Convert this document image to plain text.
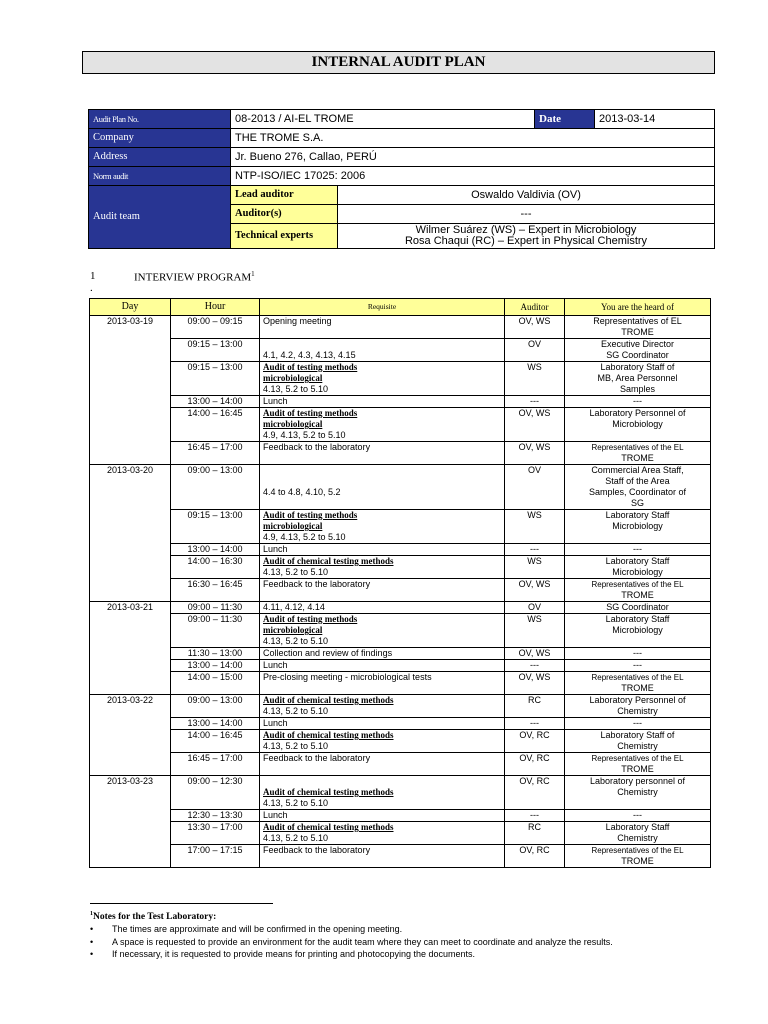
INTERNAL AUDIT PLAN
Audit Plan No.	08-2013 / AI-EL TROME		Date	2013-03-14
Company	THE TROME S.A.			
Address	Jr. Bueno 276, Callao, PERÚ			
Norm audit	NTP-ISO/IEC 17025: 2006			
Audit team	Lead auditor	Oswaldo Valdivia (OV)		
	Auditor(s)	---		
	Technical experts	Wilmer Suárez (WS) – Expert in Microbiology
Rosa Chaqui (RC) – Expert in Physical Chemistry		
1 .
INTERVIEW PROGRAM$^1$
Day	Hour	Requisite	Auditor	You are the heard of
2013-03-19	09:00 – 09:15	Opening meeting	OV, WS	Representatives of EL
TROME

	09:15 – 13:00	4.1, 4.2, 4.3, 4.13, 4.15	OV	Executive Director
SG Coordinator

	09:15 – 13:00	Audit of testing methods
microbiological
4.13, 5.2 to 5.10	WS	Laboratory Staff of
MB, Area Personnel
Samples

	13:00 – 14:00	Lunch	---	---

	14:00 – 16:45	Audit of testing methods
microbiological
4.9, 4.13, 5.2 to 5.10	OV, WS	Laboratory Personnel of
Microbiology

	16:45 – 17:00	Feedback to the laboratory	OV, WS	Representatives of the EL
TROME

2013-03-20	09:00 – 13:00	4.4 to 4.8, 4.10, 5.2	OV	Commercial Area Staff,
Staff of the Area
Samples, Coordinator of
SG

	09:15 – 13:00	Audit of testing methods
microbiological
4.9, 4.13, 5.2 to 5.10	WS	Laboratory Staff
Microbiology

	13:00 – 14:00	Lunch	---	---

	14:00 – 16:30	Audit of chemical testing methods
4.13, 5.2 to 5.10	WS	Laboratory Staff
Microbiology

	16:30 – 16:45	Feedback to the laboratory	OV, WS	Representatives of the EL
TROME

2013-03-21	09:00 – 11:30	4.11, 4.12, 4.14	OV	SG Coordinator

	09:00 – 11:30	Audit of testing methods
microbiological
4.13, 5.2 to 5.10	WS	Laboratory Staff
Microbiology

	11:30 – 13:00	Collection and review of findings	OV, WS	---

	13:00 – 14:00	Lunch	---	---

	14:00 – 15:00	Pre-closing meeting - microbiological tests	OV, WS	Representatives of the EL
TROME

2013-03-22	09:00 – 13:00	Audit of chemical testing methods
4.13, 5.2 to 5.10	RC	Laboratory Personnel of
Chemistry

	13:00 – 14:00	Lunch	---	---

	14:00 – 16:45	Audit of chemical testing methods
4.13, 5.2 to 5.10	OV, RC	Laboratory Staff of
Chemistry

	16:45 – 17:00	Feedback to the laboratory	OV, RC	Representatives of the EL
TROME

2013-03-23	09:00 – 12:30	Audit of chemical testing methods
4.13, 5.2 to 5.10	OV, RC	Laboratory personnel of
Chemistry

	12:30 – 13:30	Lunch	---	---

	13:30 – 17:00	Audit of chemical testing methods
4.13, 5.2 to 5.10	RC	Laboratory Staff
Chemistry

	17:00 – 17:15	Feedback to the laboratory	OV, RC	Representatives of the EL
TROME
$^1$Notes for the Test Laboratory:
• The times are approximate and will be confirmed in the opening meeting.
• A space is requested to provide an environment for the audit team where they can meet to coordinate and analyze the results.
• If necessary, it is requested to provide means for printing and photocopying the documents.
